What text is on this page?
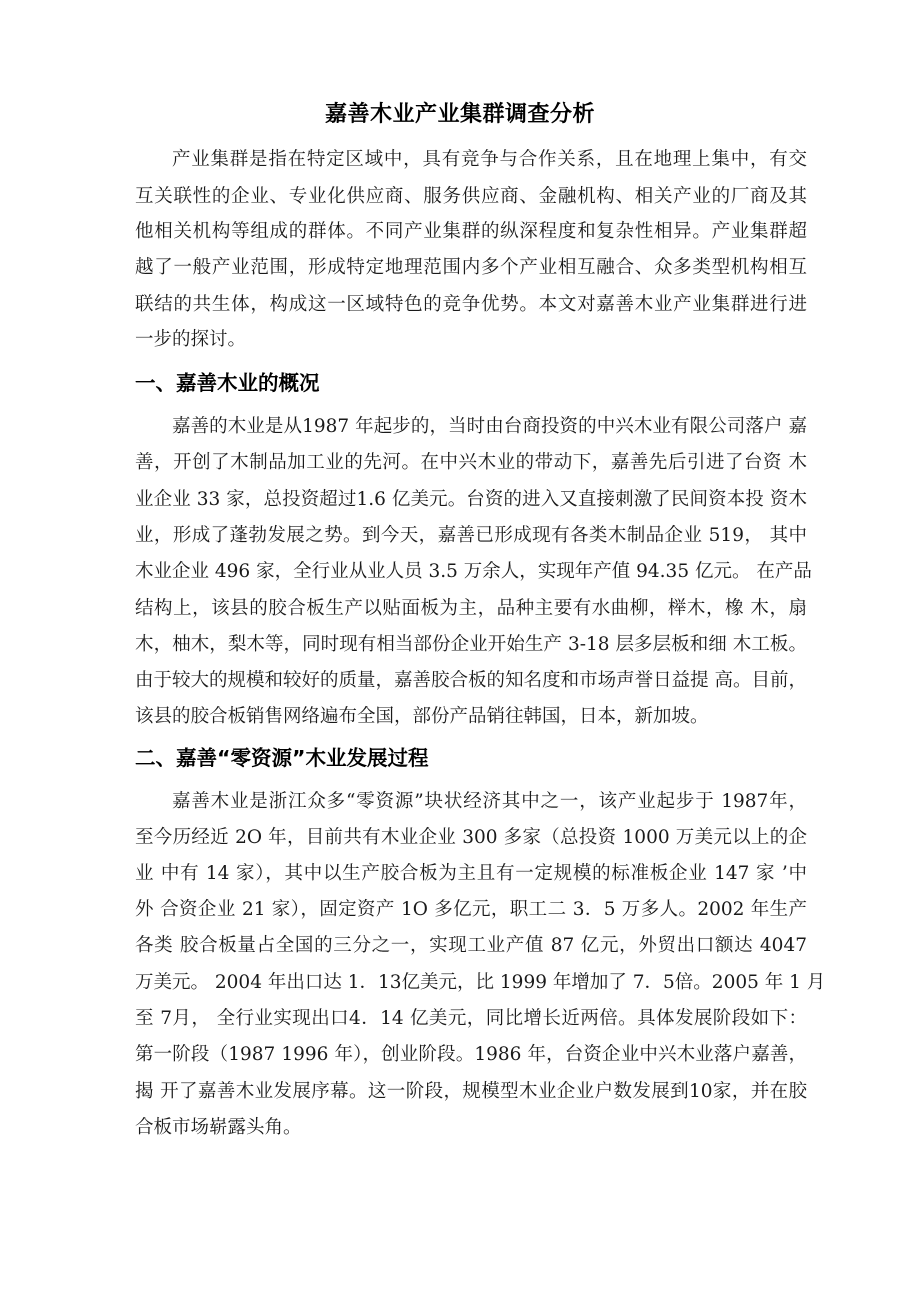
嘉善木业产业集群调查分析
产业集群是指在特定区域中，具有竞争与合作关系，且在地理上集中，有交
互关联性的企业、专业化供应商、服务供应商、金融机构、相关产业的厂商及其
他相关机构等组成的群体。不同产业集群的纵深程度和复杂性相异。产业集群超
越了一般产业范围，形成特定地理范围内多个产业相互融合、众多类型机构相互
联结的共生体，构成这一区域特色的竞争优势。本文对嘉善木业产业集群进行进
一步的探讨。
一、嘉善木业的概况
嘉善的木业是从1987 年起步的，当时由台商投资的中兴木业有限公司落户 嘉
善，开创了木制品加工业的先河。在中兴木业的带动下，嘉善先后引进了台资 木
业企业 33 家，总投资超过1.6 亿美元。台资的进入又直接刺激了民间资本投 资木
业，形成了蓬勃发展之势。到今天，嘉善已形成现有各类木制品企业 519， 其中
木业企业 496 家，全行业从业人员 3.5 万余人，实现年产值 94.35 亿元。 在产品
结构上，该县的胶合板生产以贴面板为主，品种主要有水曲柳，榉木，橡 木，扇
木，柚木，梨木等，同时现有相当部份企业开始生产 3-18 层多层板和细 木工板。
由于较大的规模和较好的质量，嘉善胶合板的知名度和市场声誉日益提 高。目前，
该县的胶合板销售网络遍布全国，部份产品销往韩国，日本，新加坡。
二、嘉善“零资源”木业发展过程
嘉善木业是浙江众多“零资源”块状经济其中之一，该产业起步于 1987年，
至今历经近 2O 年，目前共有木业企业 300 多家（总投资 1000 万美元以上的企
业 中有 14 家），其中以生产胶合板为主且有一定规模的标准板企业 147 家 ’中
外 合资企业 21 家），固定资产 1O 多亿元，职工二 3．5 万多人。2002 年生产
各类 胶合板量占全国的三分之一，实现工业产值 87 亿元，外贸出口额达 4047
万美元。 2004 年出口达 1．13亿美元，比 1999 年增加了 7．5倍。2005 年 1 月
至 7月， 全行业实现出口4．14 亿美元，同比增长近两倍。具体发展阶段如下：
第一阶段（1987 1996 年），创业阶段。1986 年，台资企业中兴木业落户嘉善，
揭 开了嘉善木业发展序幕。这一阶段，规模型木业企业户数发展到10家，并在胶
合板市场崭露头角。
